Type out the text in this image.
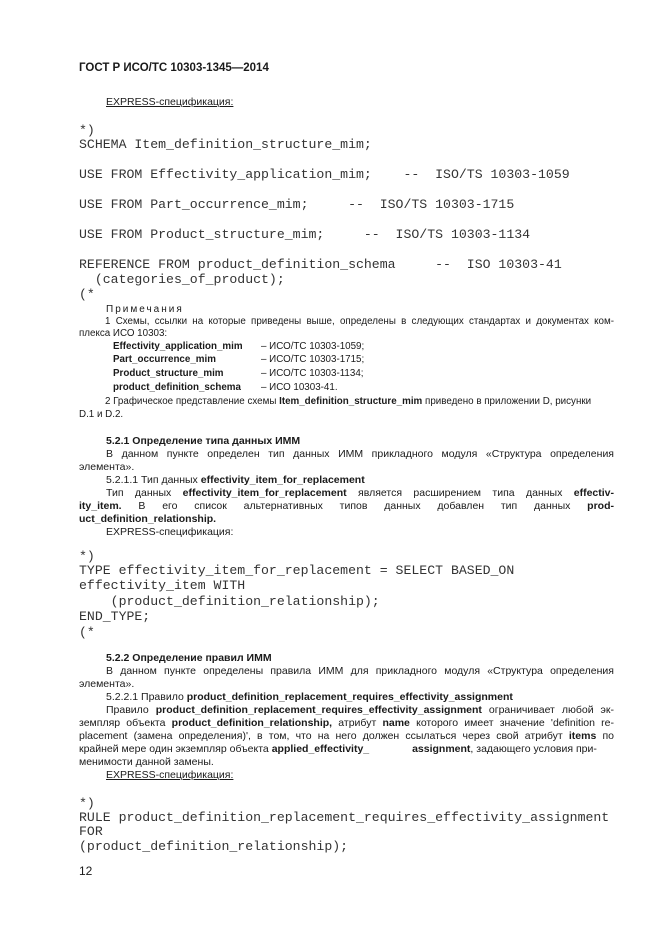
ГОСТ Р ИСО/ТС 10303-1345—2014
EXPRESS-спецификация:
*)
SCHEMA Item_definition_structure_mim;
USE FROM Effectivity_application_mim;    --  ISO/TS 10303-1059
USE FROM Part_occurrence_mim;     --  ISO/TS 10303-1715
USE FROM Product_structure_mim;     --  ISO/TS 10303-1134
REFERENCE FROM product_definition_schema     --  ISO 10303-41
(categories_of_product);
(*
Примечания
1 Схемы, ссылки на которые приведены выше, определены в следующих стандартах и документах ком-
плекса ИСО 10303:
Effectivity_application_mim – ИСО/ТС 10303-1059;
Part_occurrence_mim	– ИСО/ТС 10303-1715;
Product_structure_mim	– ИСО/ТС 10303-1134;
product_definition_schema – ИСО 10303-41.
2 Графическое представление схемы Item_definition_structure_mim приведено в приложении D, рисунки
D.1 и D.2.
5.2.1 Определение типа данных ИММ
В данном пункте определен тип данных ИММ прикладного модуля «Структура определения
элемента».
5.2.1.1 Тип данных effectivity_item_for_replacement
Тип данных effectivity_item_for_replacement является расширением типа данных effectiv-
ity_item. В его список альтернативных типов данных добавлен тип данных prod-
uct_definition_relationship.
EXPRESS-спецификация:
*)
TYPE effectivity_item_for_replacement = SELECT BASED_ON
effectivity_item WITH
(product_definition_relationship);
END_TYPE;
(*
5.2.2 Определение правил ИММ
В данном пункте определены правила ИММ для прикладного модуля «Структура определения
элемента».
5.2.2.1 Правило product_definition_replacement_requires_effectivity_assignment
Правило product_definition_replacement_requires_effectivity_assignment ограничивает любой эк-
земпляр объекта product_definition_relationship, атрибут name которого имеет значение 'definition re-
placement (замена определения)', в том, что на него должен ссылаться через свой атрибут items по
крайней мере один экземпляр объекта applied_effectivity_	assignment, задающего условия при-
менимости данной замены.
EXPRESS-спецификация:
*)
RULE product_definition_replacement_requires_effectivity_assignment
FOR
(product_definition_relationship);
12
